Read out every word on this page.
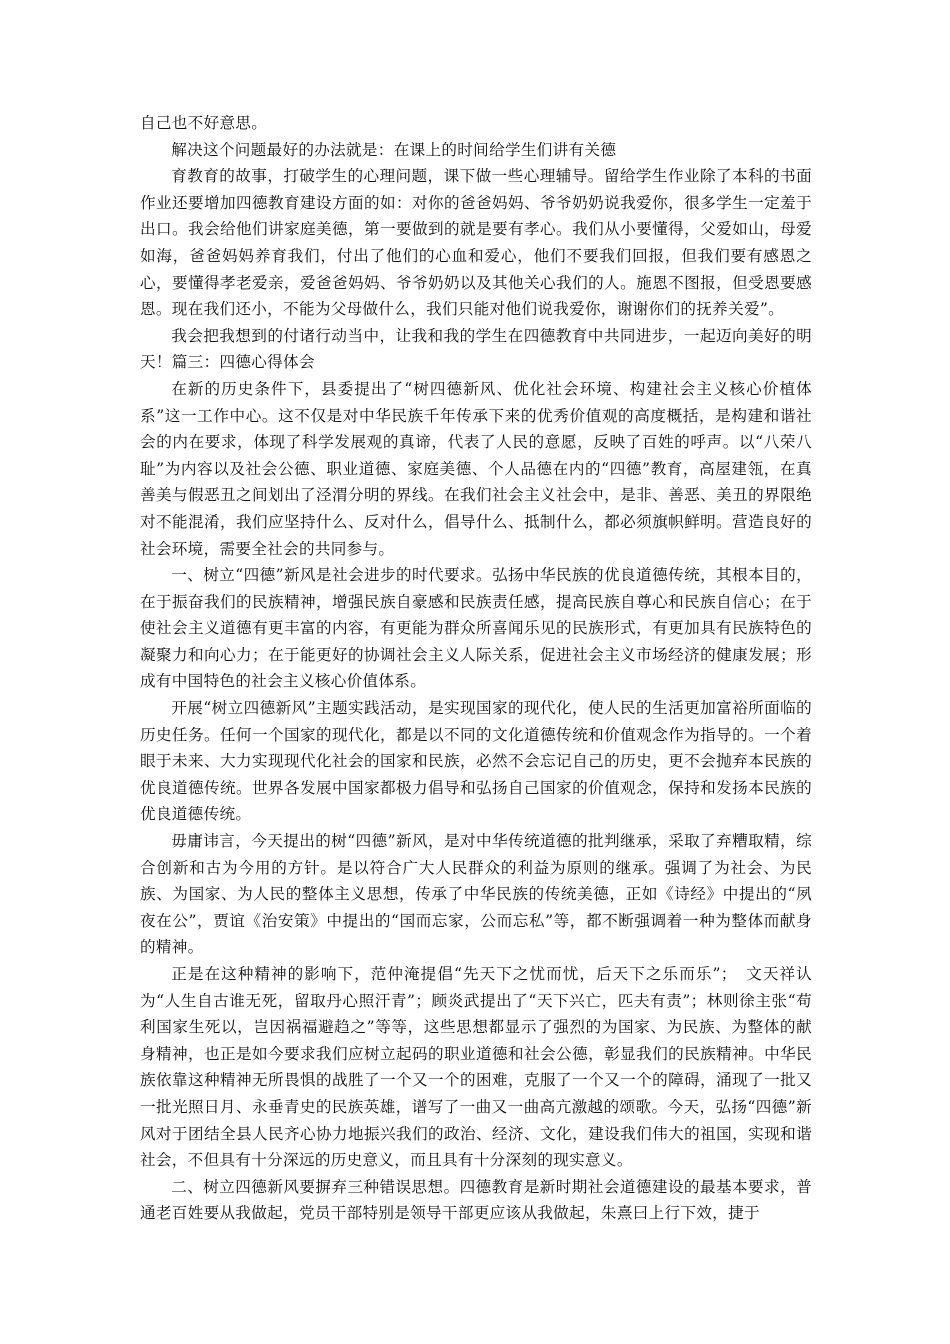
自己也不好意思。

解决这个问题最好的办法就是：在课上的时间给学生们讲有关德

育教育的故事，打破学生的心理问题，课下做一些心理辅导。留给学生作业除了本科的书面作业还要增加四德教育建设方面的如：对你的爸爸妈妈、爷爷奶奶说我爱你，很多学生一定羞于出口。我会给他们讲家庭美德，第一要做到的就是要有孝心。我们从小要懂得，父爱如山，母爱如海，爸爸妈妈养育我们，付出了他们的心血和爱心，他们不要我们回报，但我们要有感恩之心，要懂得孝老爱亲，爱爸爸妈妈、爷爷奶奶以及其他关心我们的人。施恩不图报，但受恩要感恩。现在我们还小，不能为父母做什么，我们只能对他们说我爱你，谢谢你们的抚养关爱”。

我会把我想到的付诸行动当中，让我和我的学生在四德教育中共同进步，一起迈向美好的明天！篇三：四德心得体会

在新的历史条件下，县委提出了“树四德新风、优化社会环境、构建社会主义核心价植体系”这一工作中心。这不仅是对中华民族千年传承下来的优秀价值观的高度概括，是构建和谐社会的内在要求，体现了科学发展观的真谛，代表了人民的意愿，反映了百姓的呼声。以“八荣八耻”为内容以及社会公德、职业道德、家庭美德、个人品德在内的“四德”教育，高屋建瓴，在真善美与假恶丑之间划出了泾渭分明的界线。在我们社会主义社会中，是非、善恶、美丑的界限绝对不能混淆，我们应坚持什么、反对什么，倡导什么、抵制什么，都必须旗帜鲜明。营造良好的社会环境，需要全社会的共同参与。

一、树立“四德”新风是社会进步的时代要求。弘扬中华民族的优良道德传统，其根本目的，在于振奋我们的民族精神，增强民族自豪感和民族责任感，提高民族自尊心和民族自信心；在于使社会主义道德有更丰富的内容，有更能为群众所喜闻乐见的民族形式，有更加具有民族特色的凝聚力和向心力；在于能更好的协调社会主义人际关系，促进社会主义市场经济的健康发展；形成有中国特色的社会主义核心价值体系。

开展“树立四德新风”主题实践活动，是实现国家的现代化，使人民的生活更加富裕所面临的历史任务。任何一个国家的现代化，都是以不同的文化道德传统和价值观念作为指导的。一个着眼于未来、大力实现现代化社会的国家和民族，必然不会忘记自己的历史，更不会抛弃本民族的优良道德传统。世界各发展中国家都极力倡导和弘扬自己国家的价值观念，保持和发扬本民族的优良道德传统。

毋庸讳言，今天提出的树“四德”新风，是对中华传统道德的批判继承，采取了弃糟取精，综合创新和古为今用的方针。是以符合广大人民群众的利益为原则的继承。强调了为社会、为民族、为国家、为人民的整体主义思想，传承了中华民族的传统美德，正如《诗经》中提出的“夙夜在公”，贾谊《治安策》中提出的“国而忘家，公而忘私”等，都不断强调着一种为整体而献身的精神。

正是在这种精神的影响下，范仲淹提倡“先天下之忧而忧，后天下之乐而乐”；　文天祥认为“人生自古谁无死，留取丹心照汗青”；顾炎武提出了“天下兴亡，匹夫有责”；林则徐主张“苟利国家生死以，岂因祸福避趋之”等等，这些思想都显示了强烈的为国家、为民族、为整体的献身精神，也正是如今要求我们应树立起码的职业道德和社会公德，彰显我们的民族精神。中华民族依靠这种精神无所畏惧的战胜了一个又一个的困难，克服了一个又一个的障碍，涌现了一批又一批光照日月、永垂青史的民族英雄，谱写了一曲又一曲高亢激越的颂歌。今天，弘扬“四德”新风对于团结全县人民齐心协力地振兴我们的政治、经济、文化，建设我们伟大的祖国，实现和谐社会，不但具有十分深远的历史意义，而且具有十分深刻的现实意义。

二、树立四德新风要摒弃三种错误思想。四德教育是新时期社会道德建设的最基本要求，普通老百姓要从我做起，党员干部特别是领导干部更应该从我做起，朱熹曰上行下效，捷于
